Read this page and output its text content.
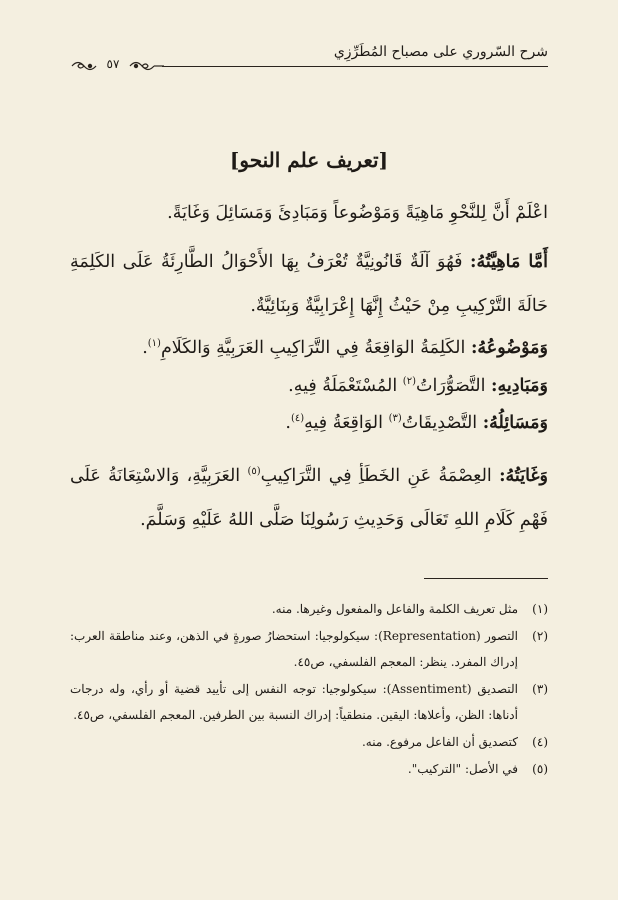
شرح السّروري على مصباح المُطَرِّزِي
٥٧
[تعريف علم النحو]

اعْلَمْ أَنَّ لِلنَّحْوِ مَاهِيَةً وَمَوْضُوعاً وَمَبَادِئَ وَمَسَائِلَ وَغَايَةً.

أَمَّا مَاهِيَّتُهُ: فَهُوَ آلَةٌ قَانُونِيَّةٌ تُعْرَفُ بِهَا الأَحْوَالُ الطَّارِئَةُ عَلَى الكَلِمَةِ حَالَةَ التَّرْكِيبِ مِنْ حَيْثُ إِنَّهَا إِعْرَابِيَّةٌ وَبِنَائِيَّةٌ.

وَمَوْضُوعُهُ: الكَلِمَةُ الوَاقِعَةُ فِي التَّرَاكِيبِ العَرَبِيَّةِ وَالكَلَامِ$^{(١)}$.

وَمَبَادِيهِ: التَّصَوُّرَاتُ$^{(٢)}$ المُسْتَعْمَلَةُ فِيهِ.

وَمَسَائِلُهُ: التَّصْدِيقَاتُ$^{(٣)}$ الوَاقِعَةُ فِيهِ$^{(٤)}$.

وَغَايَتُهُ: العِصْمَةُ عَنِ الخَطَأِ فِي التَّرَاكِيبِ$^{(٥)}$ العَرَبِيَّةِ، وَالاسْتِعَانَةُ عَلَى فَهْمِ كَلَامِ اللهِ تَعَالَى وَحَدِيثِ رَسُولِنَا صَلَّى اللهُ عَلَيْهِ وَسَلَّمَ.

(١)
مثل تعريف الكلمة والفاعل والمفعول وغيرها. منه.
(٢)
التصور (Representation): سيكولوجيا: استحضارُ صورةٍ في الذهن، وعند مناطقة العرب: إدراك المفرد. ينظر: المعجم الفلسفي، ص٤٥.
(٣)
التصديق (Assentiment): سيكولوجيا: توجه النفس إلى تأييد قضية أو رأي، وله درجات أدناها: الظن، وأعلاها: اليقين. منطقياً: إدراك النسبة بين الطرفين. المعجم الفلسفي، ص٤٥.
(٤)
كتصديق أن الفاعل مرفوع. منه.
(٥)
في الأصل: "التركيب".
